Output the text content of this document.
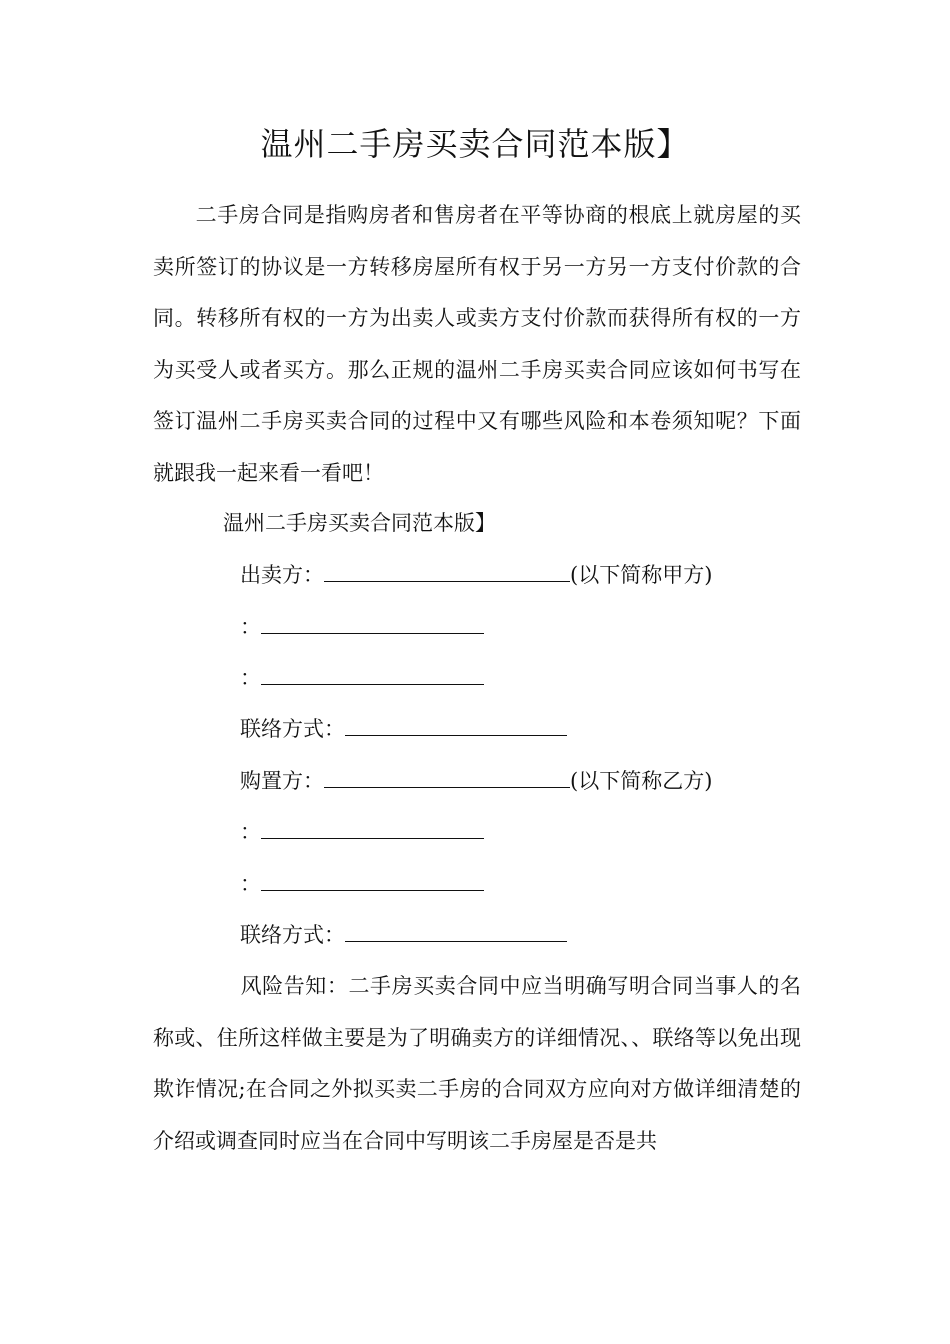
温州二手房买卖合同范本版】
二手房合同是指购房者和售房者在平等协商的根底上就房屋的买卖所签订的协议是一方转移房屋所有权于另一方另一方支付价款的合同。转移所有权的一方为出卖人或卖方支付价款而获得所有权的一方为买受人或者买方。那么正规的温州二手房买卖合同应该如何书写在签订温州二手房买卖合同的过程中又有哪些风险和本卷须知呢？下面就跟我一起来看一看吧！
温州二手房买卖合同范本版】
出卖方：	(以下简称甲方)
：
：
联络方式：
购置方：	(以下简称乙方)
：
：
联络方式：
风险告知：二手房买卖合同中应当明确写明合同当事人的名称或、住所这样做主要是为了明确卖方的详细情况、、联络等以免出现欺诈情况;在合同之外拟买卖二手房的合同双方应向对方做详细清楚的介绍或调查同时应当在合同中写明该二手房屋是否是共
